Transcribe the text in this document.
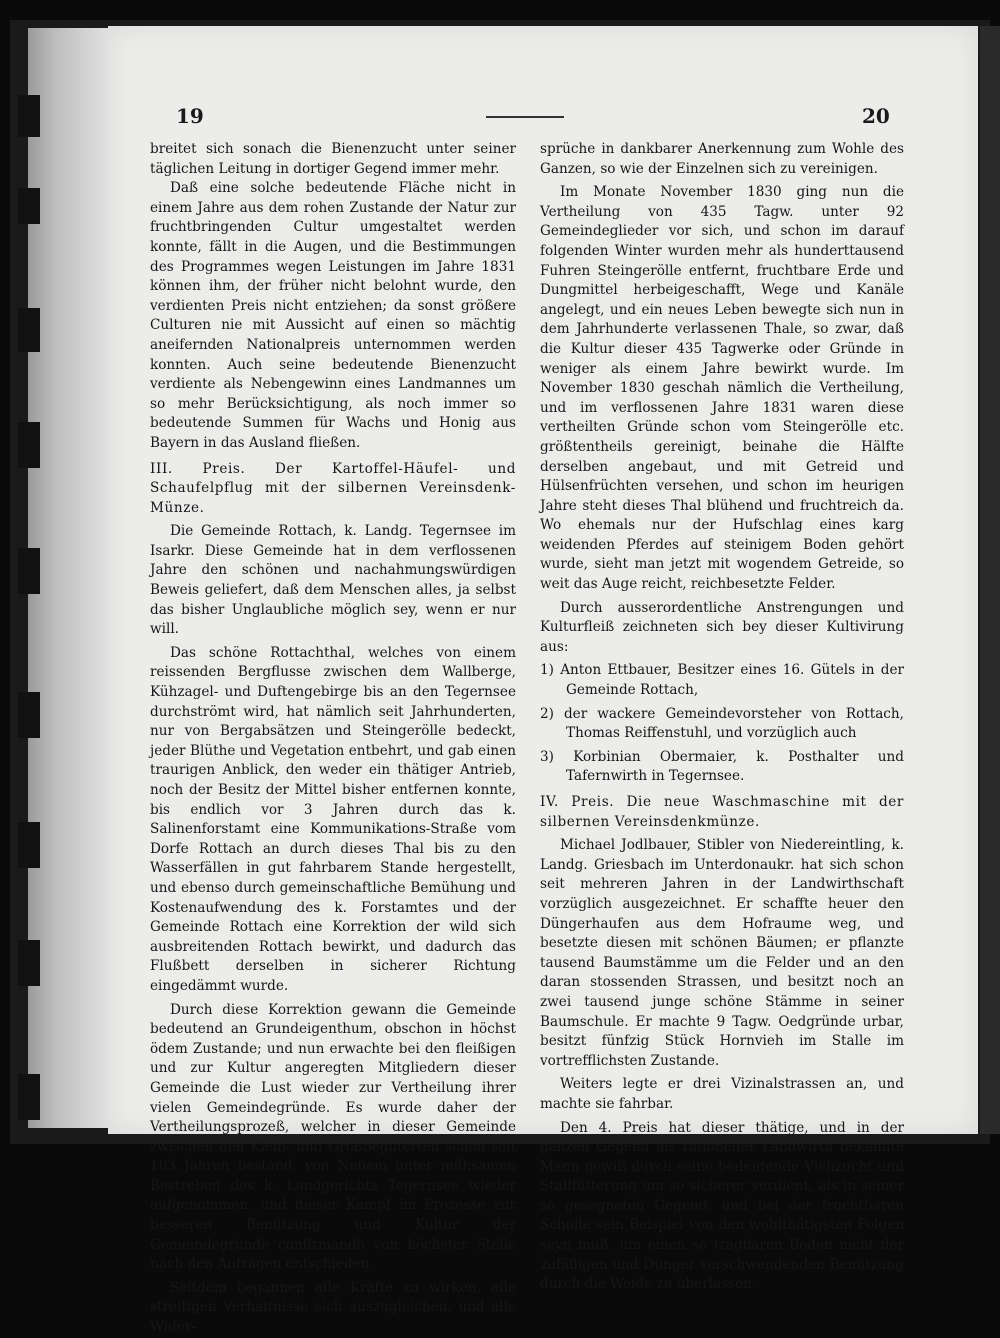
19	20

breitet sich sonach die Bienenzucht unter seiner täglichen Leitung in dortiger Gegend immer mehr.

Daß eine solche bedeutende Fläche nicht in einem Jahre aus dem rohen Zustande der Natur zur fruchtbringenden Cultur umgestaltet werden konnte, fällt in die Augen, und die Bestimmungen des Programmes wegen Leistungen im Jahre 1831 können ihm, der früher nicht belohnt wurde, den verdienten Preis nicht entziehen; da sonst größere Culturen nie mit Aussicht auf einen so mächtig aneifernden Nationalpreis unternommen werden konnten. Auch seine bedeutende Bienenzucht verdiente als Nebengewinn eines Landmannes um so mehr Berücksichtigung, als noch immer so bedeutende Summen für Wachs und Honig aus Bayern in das Ausland fließen.

III. Preis. Der Kartoffel-Häufel- und Schaufelpflug mit der silbernen Vereinsdenk-Münze.

Die Gemeinde Rottach, k. Landg. Tegernsee im Isarkr. Diese Gemeinde hat in dem verflossenen Jahre den schönen und nachahmungswürdigen Beweis geliefert, daß dem Menschen alles, ja selbst das bisher Unglaubliche möglich sey, wenn er nur will.

Das schöne Rottachthal, welches von einem reissenden Bergflusse zwischen dem Wallberge, Kühzagel- und Duftengebirge bis an den Tegernsee durchströmt wird, hat nämlich seit Jahrhunderten, nur von Bergabsätzen und Steingerölle bedeckt, jeder Blüthe und Vegetation entbehrt, und gab einen traurigen Anblick, den weder ein thätiger Antrieb, noch der Besitz der Mittel bisher entfernen konnte, bis endlich vor 3 Jahren durch das k. Salinenforstamt eine Kommunikations-Straße vom Dorfe Rottach an durch dieses Thal bis zu den Wasserfällen in gut fahrbarem Stande hergestellt, und ebenso durch gemeinschaftliche Bemühung und Kostenaufwendung des k. Forstamtes und der Gemeinde Rottach eine Korrektion der wild sich ausbreitenden Rottach bewirkt, und dadurch das Flußbett derselben in sicherer Richtung eingedämmt wurde.

Durch diese Korrektion gewann die Gemeinde bedeutend an Grundeigenthum, obschon in höchst ödem Zustande; und nun erwachte bei den fleißigen und zur Kultur angeregten Mitgliedern dieser Gemeinde die Lust wieder zur Vertheilung ihrer vielen Gemeindegründe. Es wurde daher der Vertheilungsprozeß, welcher in dieser Gemeinde zwischen den Klein- und Großbegüterten schon seit 103 Jahren bestand, von Neuem unter mühsamen Bestreben des k. Landgerichts Tegernsee wieder aufgenommen, und dieser Kampf im Prozesse zur besseren Benützung und Kultur der Gemeindegründe confirmando von höchster Stelle nach den Anträgen entschieden.

Seitdem begannen alle Kräfte zu wirken, alle streitigen Verhältnisse sich auszugleichen, und alle Wider-

sprüche in dankbarer Anerkennung zum Wohle des Ganzen, so wie der Einzelnen sich zu vereinigen.

Im Monate November 1830 ging nun die Vertheilung von 435 Tagw. unter 92 Gemeindeglieder vor sich, und schon im darauf folgenden Winter wurden mehr als hunderttausend Fuhren Steingerölle entfernt, fruchtbare Erde und Dungmittel herbeigeschafft, Wege und Kanäle angelegt, und ein neues Leben bewegte sich nun in dem Jahrhunderte verlassenen Thale, so zwar, daß die Kultur dieser 435 Tagwerke oder Gründe in weniger als einem Jahre bewirkt wurde. Im November 1830 geschah nämlich die Vertheilung, und im verflossenen Jahre 1831 waren diese vertheilten Gründe schon vom Steingerölle etc. größtentheils gereinigt, beinahe die Hälfte derselben angebaut, und mit Getreid und Hülsenfrüchten versehen, und schon im heurigen Jahre steht dieses Thal blühend und fruchtreich da. Wo ehemals nur der Hufschlag eines karg weidenden Pferdes auf steinigem Boden gehört wurde, sieht man jetzt mit wogendem Getreide, so weit das Auge reicht, reichbesetzte Felder.

Durch ausserordentliche Anstrengungen und Kulturfleiß zeichneten sich bey dieser Kultivirung aus:

1) Anton Ettbauer, Besitzer eines 16. Gütels in der Gemeinde Rottach,

2) der wackere Gemeindevorsteher von Rottach, Thomas Reiffenstuhl, und vorzüglich auch

3) Korbinian Obermaier, k. Posthalter und Tafernwirth in Tegernsee.

IV. Preis. Die neue Waschmaschine mit der silbernen Vereinsdenkmünze.

Michael Jodlbauer, Stibler von Niedereintling, k. Landg. Griesbach im Unterdonaukr. hat sich schon seit mehreren Jahren in der Landwirthschaft vorzüglich ausgezeichnet. Er schaffte heuer den Düngerhaufen aus dem Hofraume weg, und besetzte diesen mit schönen Bäumen; er pflanzte tausend Baumstämme um die Felder und an den daran stossenden Strassen, und besitzt noch an zwei tausend junge schöne Stämme in seiner Baumschule. Er machte 9 Tagw. Oedgründe urbar, besitzt fünfzig Stück Hornvieh im Stalle im vortrefflichsten Zustande.

Weiters legte er drei Vizinalstrassen an, und machte sie fahrbar.

Den 4. Preis hat dieser thätige, und in der ganzen Gegend als rationeller Landwirth bekannte Mann gewiß durch seine bedeutende Viehzucht und Stallfütterung um so sicherer verdient, als in seiner so gesegneten Gegend, und bei der fruchtbaren Scholle sein Beispiel von den wohlthätigsten Folgen seyn muß, um einen so tragbaren Boden nicht der zufälligen und Dünger verschwendenden Benützung durch die Weide zu überlassen.
